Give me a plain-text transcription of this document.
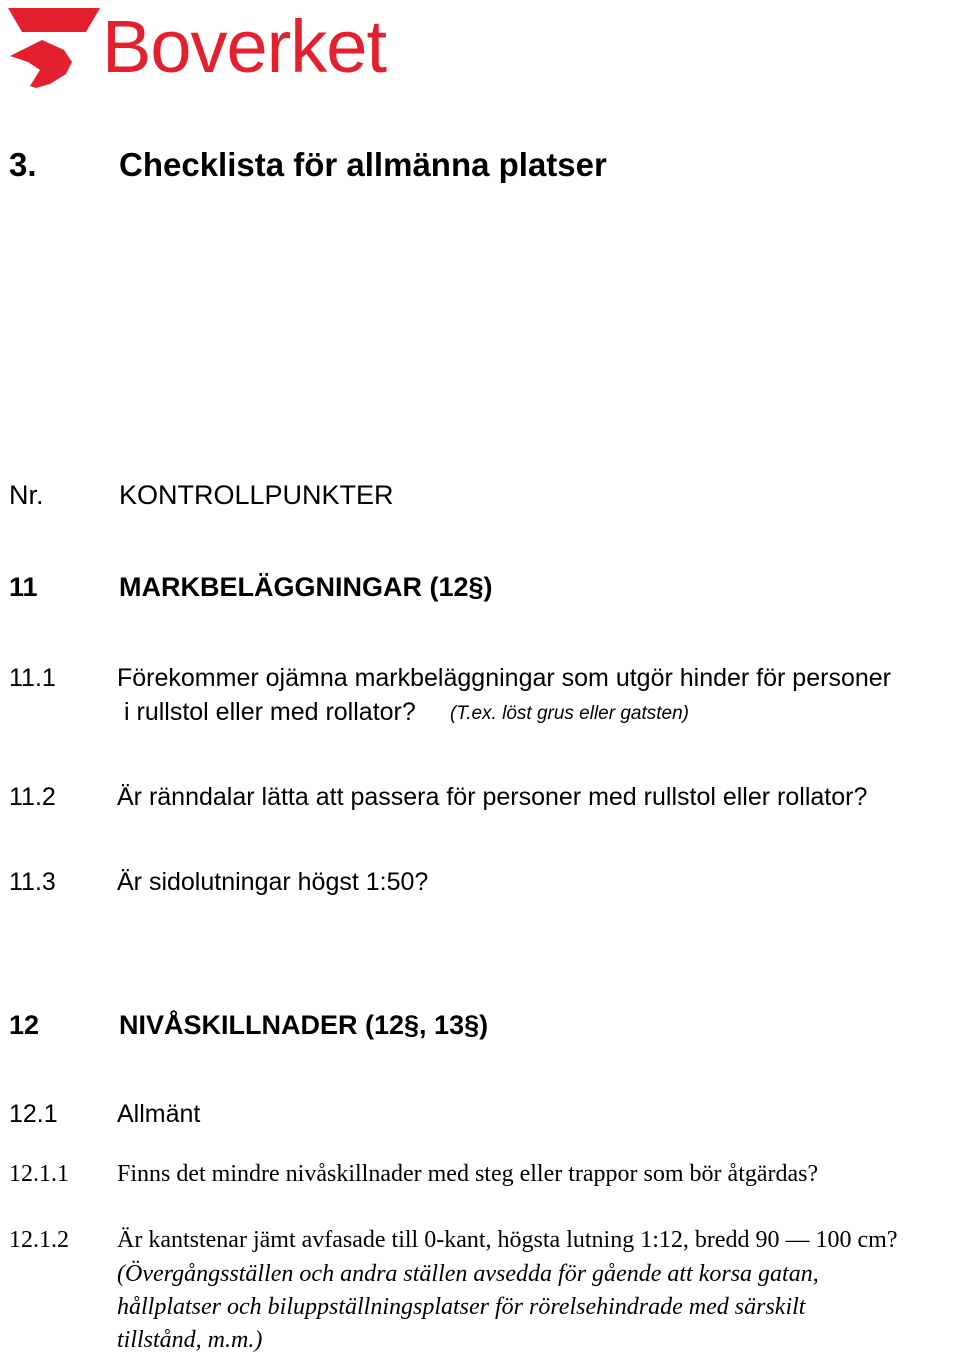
Boverket
3. Checklista för allmänna platser
Nr.	KONTROLLPUNKTER
11	MARKBELÄGGNINGAR (12§)
11.1 Förekommer ojämna markbeläggningar som utgör hinder för personer
i rullstol eller med rollator? (T.ex. löst grus eller gatsten)
11.2 Är ränndalar lätta att passera för personer med rullstol eller rollator?
11.3 Är sidolutningar högst 1:50?
12	NIVÅSKILLNADER (12§, 13§)
12.1 Allmänt
12.1.1 Finns det mindre nivåskillnader med steg eller trappor som bör åtgärdas?
12.1.2 Är kantstenar jämt avfasade till 0-kant, högsta lutning 1:12, bredd 90 — 100 cm?
(Övergångsställen och andra ställen avsedda för gående att korsa gatan,
hållplatser och biluppställningsplatser för rörelsehindrade med särskilt
tillstånd, m.m.)
